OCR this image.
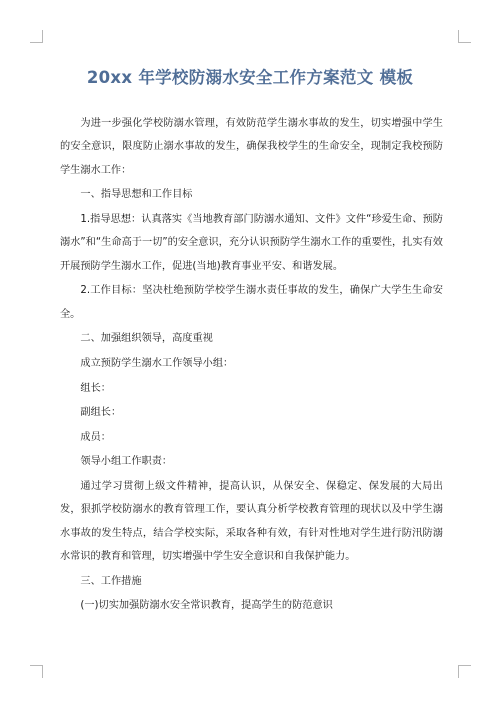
20xx 年学校防溺水安全工作方案范文 模板

为进一步强化学校防溺水管理，有效防范学生溺水事故的发生，切实增强中学生的安全意识，限度防止溺水事故的发生，确保我校学生的生命安全，现制定我校预防学生溺水工作：

一、指导思想和工作目标

1.指导思想：认真落实《当地教育部门防溺水通知、文件》文件“珍爱生命、预防溺水”和“生命高于一切”的安全意识，充分认识预防学生溺水工作的重要性，扎实有效开展预防学生溺水工作，促进(当地)教育事业平安、和谐发展。

2.工作目标：坚决杜绝预防学校学生溺水责任事故的发生，确保广大学生生命安全。

二、加强组织领导，高度重视

成立预防学生溺水工作领导小组：

组长：

副组长：

成员：

领导小组工作职责：

通过学习贯彻上级文件精神，提高认识，从保安全、保稳定、保发展的大局出发，狠抓学校防溺水的教育管理工作，要认真分析学校教育管理的现状以及中学生溺水事故的发生特点，结合学校实际，采取各种有效，有针对性地对学生进行防汛防溺水常识的教育和管理，切实增强中学生安全意识和自我保护能力。

三、工作措施

(一)切实加强防溺水安全常识教育，提高学生的防范意识
